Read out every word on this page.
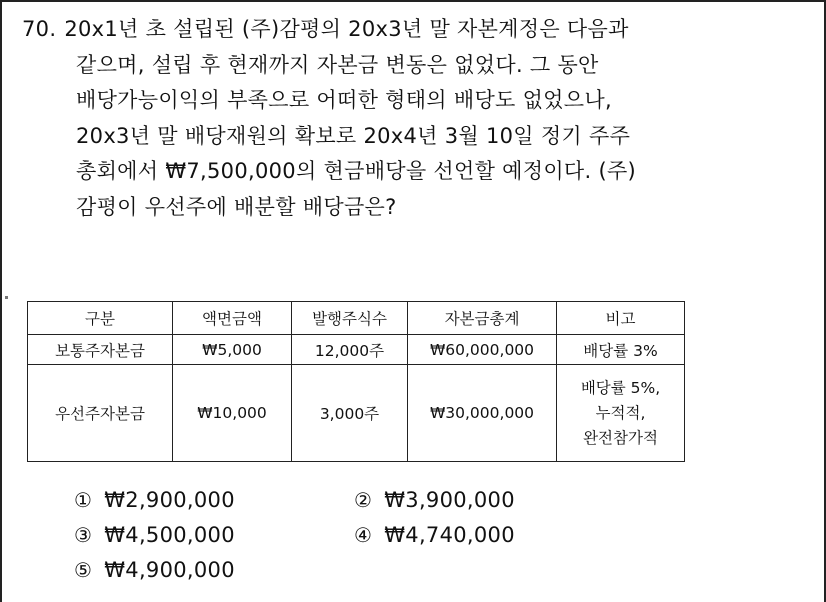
70. 20x1년 초 설립된 (주)감평의 20x3년 말 자본계정은 다음과
같으며, 설립 후 현재까지 자본금 변동은 없었다. 그 동안
배당가능이익의 부족으로 어떠한 형태의 배당도 없었으나,
20x3년 말 배당재원의 확보로 20x4년 3월 10일 정기 주주
총회에서 ₩7,500,000의 현금배당을 선언할 예정이다. (주)
감평이 우선주에 배분할 배당금은?
구분	액면금액	발행주식수	자본금총계	비고
보통주자본금	₩5,000	12,000주	₩60,000,000	배당률 3%
우선주자본금	₩10,000	3,000주	₩30,000,000	배당률 5%,
누적적,
완전참가적
① ₩2,900,000	② ₩3,900,000
③ ₩4,500,000	④ ₩4,740,000
⑤ ₩4,900,000
